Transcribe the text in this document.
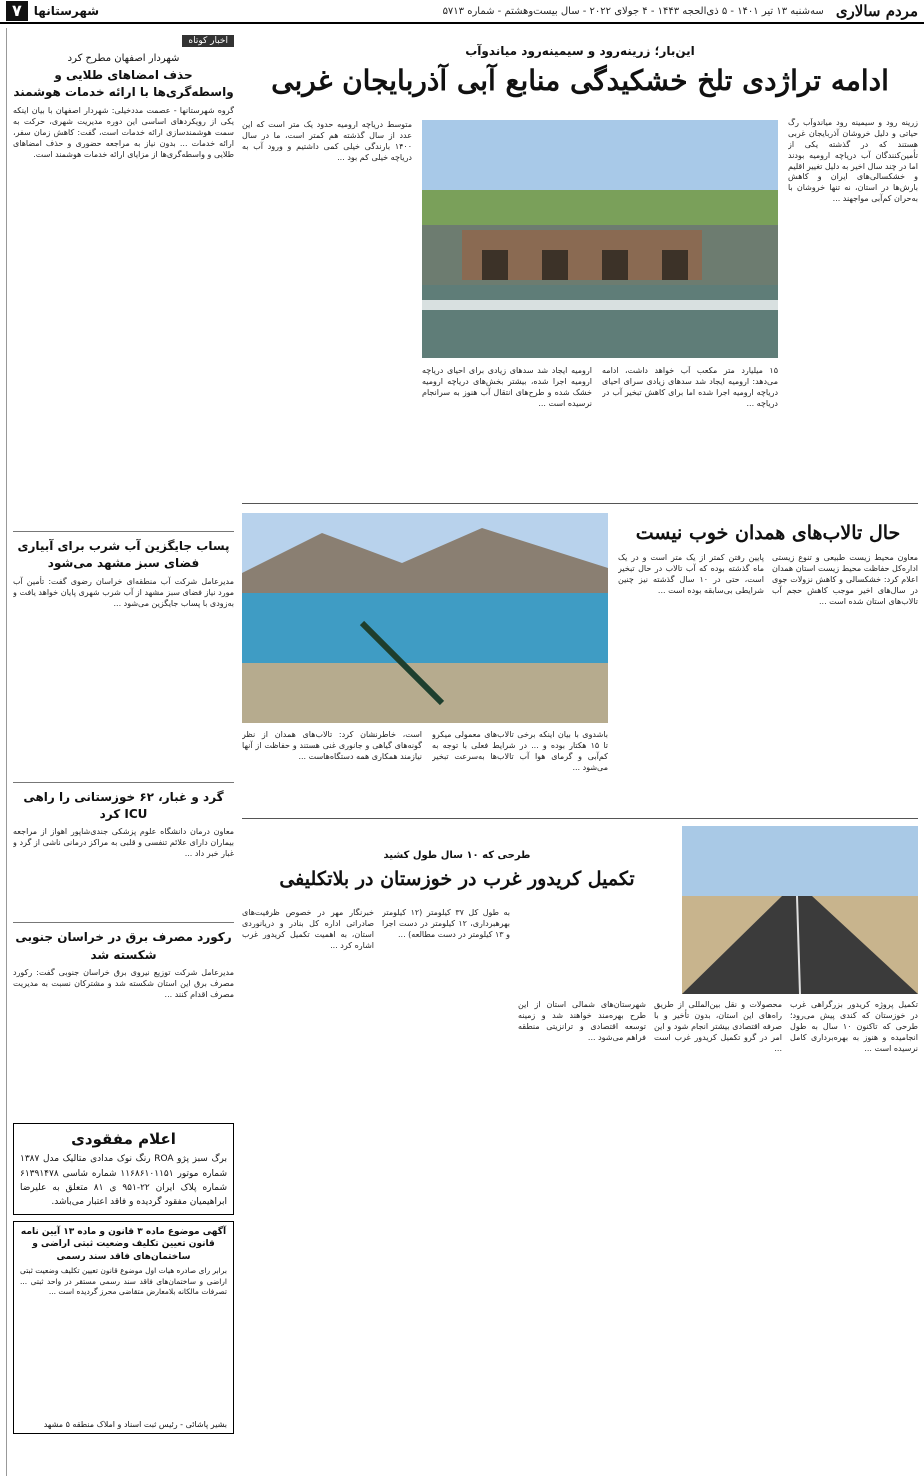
مردم سالاری
سه‌شنبه ۱۳ تیر ۱۴۰۱ - ۵ ذی‌الحجه ۱۴۴۳ - ۴ جولای ۲۰۲۲ - سال بیست‌وهشتم - شماره ۵۷۱۳
شهرستانها
۷
اخبار کوتاه
شهردار اصفهان مطرح کرد
حذف امضاهای طلایی و واسطه‌گری‌ها با ارائه خدمات هوشمند
گروه شهرستانها - عصمت مددخیلی: شهردار اصفهان با بیان اینکه یکی از رویکردهای اساسی این دوره مدیریت شهری، حرکت به سمت هوشمندسازی ارائه خدمات است، گفت: کاهش زمان سفر، ارائه خدمات ... بدون نیاز به مراجعه حضوری و حذف امضاهای طلایی و واسطه‌گری‌ها از مزایای ارائه خدمات هوشمند است.
پساب جایگزین آب شرب برای آبیاری فضای سبز مشهد می‌شود
مدیرعامل شرکت آب منطقه‌ای خراسان رضوی گفت: تأمین آب مورد نیاز فضای سبز مشهد از آب شرب شهری پایان خواهد یافت و به‌زودی با پساب جایگزین می‌شود ...
گرد و غبار، ۶۲ خوزستانی را راهی ICU کرد
معاون درمان دانشگاه علوم پزشکی جندی‌شاپور اهواز از مراجعه بیماران دارای علائم تنفسی و قلبی به مراکز درمانی ناشی از گرد و غبار خبر داد ...
رکورد مصرف برق در خراسان جنوبی شکسته شد
مدیرعامل شرکت توزیع نیروی برق خراسان جنوبی گفت: رکورد مصرف برق این استان شکسته شد و مشترکان نسبت به مدیریت مصرف اقدام کنند ...
اعلام مفقودی
برگ سبز پژو ROA رنگ نوک مدادی متالیک مدل ۱۳۸۷ شماره موتور ۱۱۶۸۶۱۰۱۱۵۱ شماره شاسی ۶۱۳۹۱۴۷۸ شماره پلاک ایران ۲۲-۹۵۱ ی ۸۱ متعلق به علیرضا ابراهیمیان مفقود گردیده و فاقد اعتبار می‌باشد.
آگهی موضوع ماده ۳ قانون و ماده ۱۳ آیین نامه قانون تعیین تکلیف وضعیت ثبتی اراضی و ساختمان‌های فاقد سند رسمی
برابر رای صادره هیات اول موضوع قانون تعیین تکلیف وضعیت ثبتی اراضی و ساختمان‌های فاقد سند رسمی مستقر در واحد ثبتی ... تصرفات مالکانه بلامعارض متقاضی محرز گردیده است ...
بشیر پاشائی - رئیس ثبت اسناد و املاک منطقه ۵ مشهد
این‌بار؛ زرینه‌رود و سیمینه‌رود میاندوآب
ادامه تراژدی تلخ خشکیدگی منابع آبی آذربایجان غربی
زرینه رود و سیمینه رود میاندوآب رگ حیاتی و دلیل خروشان آذربایجان غربی هستند که در گذشته یکی از تأمین‌کنندگان آب دریاچه ارومیه بودند اما در چند سال اخیر به دلیل تغییر اقلیم و خشکسالی‌های ایران و کاهش بارش‌ها در استان، نه تنها خروشان با به‌حران کم‌آبی مواجهند ...
متوسط دریاچه ارومیه حدود یک متر است که این عدد از سال گذشته هم کمتر است، ما در سال ۱۴۰۰ بارندگی خیلی کمی داشتیم و ورود آب به دریاچه خیلی کم بود ...
۱۵ میلیارد متر مکعب آب خواهد داشت، ادامه می‌دهد: ارومیه ایجاد شد سدهای زیادی سرای احیای دریاچه ارومیه اجرا شده اما برای کاهش تبخیر آب در دریاچه ...
ارومیه ایجاد شد سدهای زیادی برای احیای دریاچه ارومیه اجرا شده، بیشتر بخش‌های دریاچه ارومیه خشک شده و طرح‌های انتقال آب هنوز به سرانجام نرسیده است ...
حال تالاب‌های همدان خوب نیست
معاون محیط زیست طبیعی و تنوع زیستی اداره‌کل حفاظت محیط زیست استان همدان اعلام کرد: خشکسالی و کاهش نزولات جوی در سال‌های اخیر موجب کاهش حجم آب تالاب‌های استان شده است ...
پایین رفتن کمتر از یک متر است و در یک ماه گذشته بوده که آب تالاب در حال تبخیر است، حتی در ۱۰ سال گذشته نیز چنین شرایطی بی‌سابقه بوده است ...
باشدوی با بیان اینکه برخی تالاب‌های معمولی میکرو تا ۱۵ هکتار بوده و ... در شرایط فعلی با توجه به کم‌آبی و گرمای هوا آب تالاب‌ها به‌سرعت تبخیر می‌شود ...
است، خاطرنشان کرد: تالاب‌های همدان از نظر گونه‌های گیاهی و جانوری غنی هستند و حفاظت از آنها نیازمند همکاری همه دستگاه‌هاست ...
طرحی که ۱۰ سال طول کشید
تکمیل کریدور غرب در خوزستان در بلاتکلیفی
تکمیل پروژه کریدور بزرگراهی غرب در خوزستان که کندی پیش می‌رود؛ طرحی که تاکنون ۱۰ سال به طول انجامیده و هنوز به بهره‌برداری کامل نرسیده است ...
محصولات و نقل بین‌المللی از طریق راه‌های این استان، بدون تأخیر و با صرفه اقتصادی بیشتر انجام شود و این امر در گرو تکمیل کریدور غرب است ...
شهرستان‌های شمالی استان از این طرح بهره‌مند خواهند شد و زمینه توسعه اقتصادی و ترانزیتی منطقه فراهم می‌شود ...
به طول کل ۳۷ کیلومتر (۱۲ کیلومتر بهرهبرداری، ۱۲ کیلومتر در دست اجرا و ۱۳ کیلومتر در دست مطالعه) ...
خبرنگار مهر در خصوص ظرفیت‌های صادراتی اداره کل بنادر و دریانوردی استان، به اهمیت تکمیل کریدور غرب اشاره کرد ...
